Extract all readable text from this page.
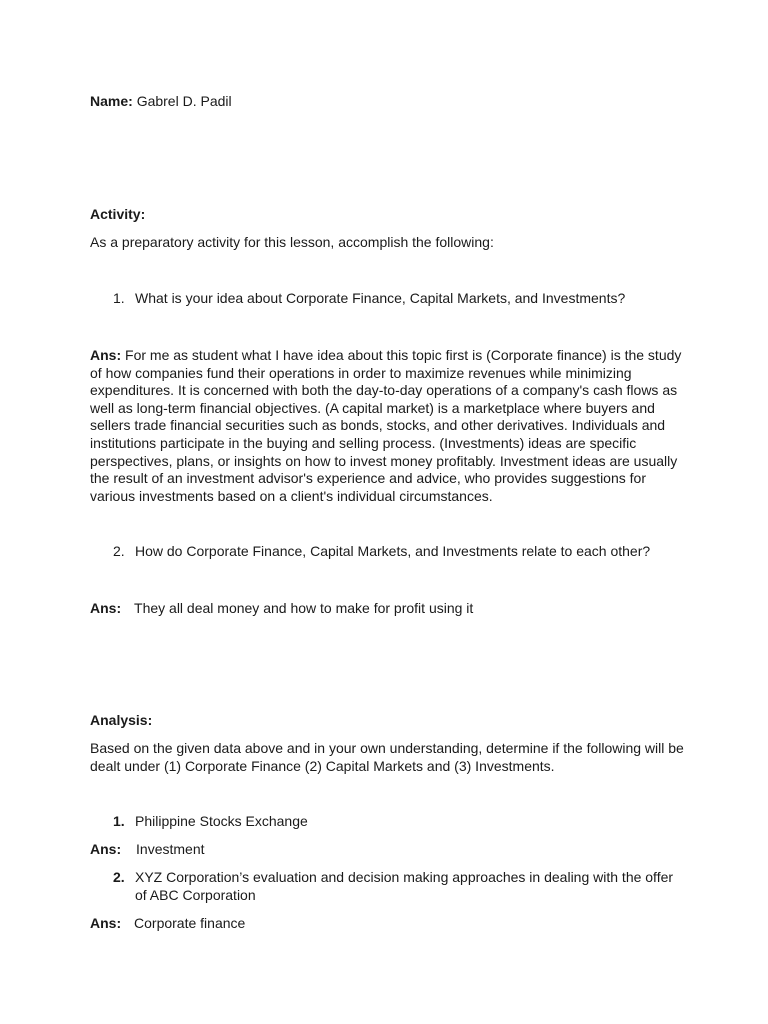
Name: Gabrel D. Padil
Activity:
As a preparatory activity for this lesson, accomplish the following:
1. What is your idea about Corporate Finance, Capital Markets, and Investments?
Ans: For me as student what I have idea about this topic first is (Corporate finance) is the study
of how companies fund their operations in order to maximize revenues while minimizing
expenditures. It is concerned with both the day-to-day operations of a company's cash flows as
well as long-term financial objectives. (A capital market) is a marketplace where buyers and
sellers trade financial securities such as bonds, stocks, and other derivatives. Individuals and
institutions participate in the buying and selling process. (Investments) ideas are specific
perspectives, plans, or insights on how to invest money profitably. Investment ideas are usually
the result of an investment advisor's experience and advice, who provides suggestions for
various investments based on a client's individual circumstances.
2. How do Corporate Finance, Capital Markets, and Investments relate to each other?
Ans: They all deal money and how to make for profit using it
Analysis:
Based on the given data above and in your own understanding, determine if the following will be
dealt under (1) Corporate Finance (2) Capital Markets and (3) Investments.
1. Philippine Stocks Exchange
Ans: Investment
2. XYZ Corporation’s evaluation and decision making approaches in dealing with the offer
of ABC Corporation
Ans: Corporate finance
